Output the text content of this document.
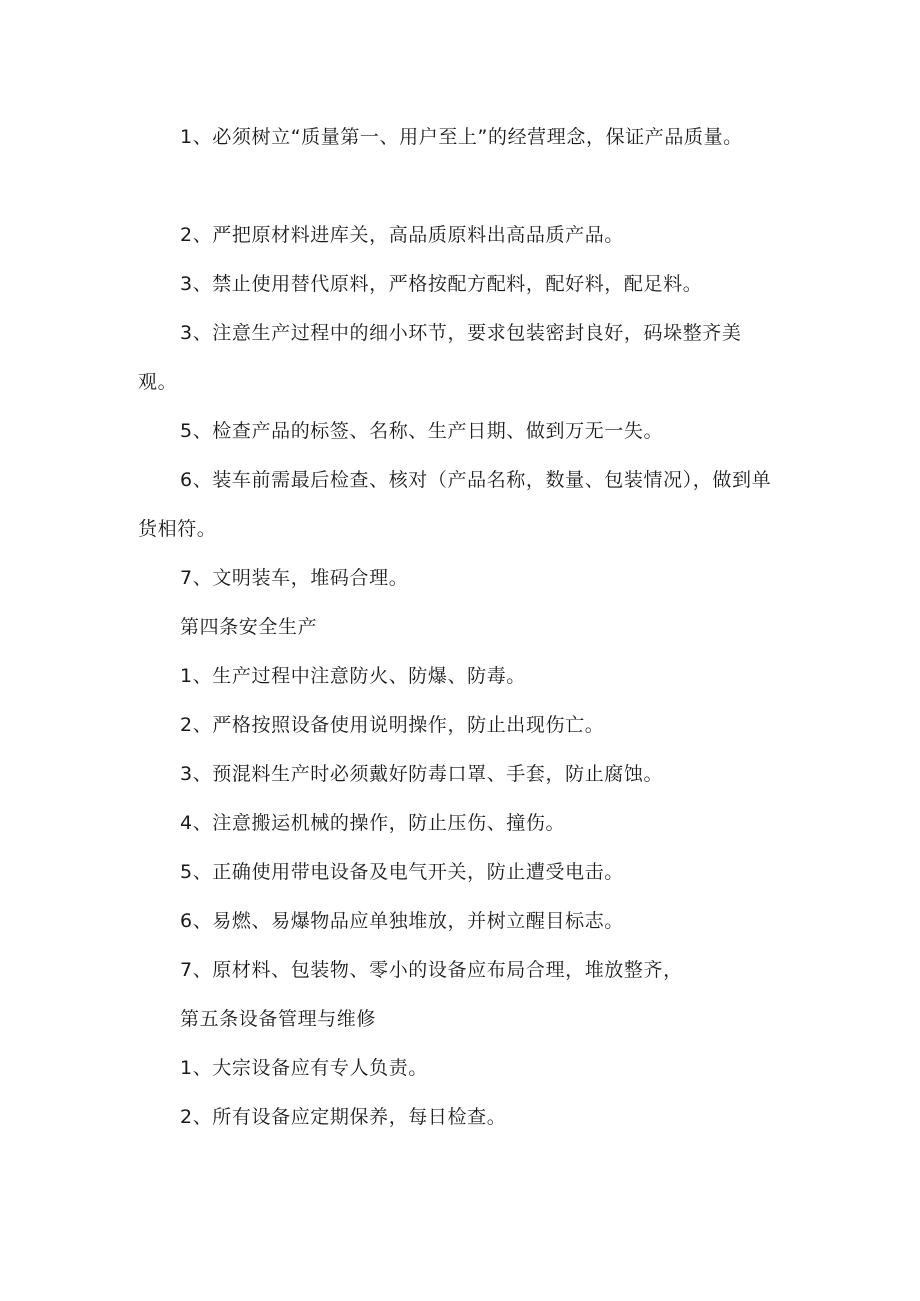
1、必须树立“质量第一、用户至上”的经营理念，保证产品质量。

2、严把原材料进库关，高品质原料出高品质产品。

3、禁止使用替代原料，严格按配方配料，配好料，配足料。

3、注意生产过程中的细小环节，要求包装密封良好，码垛整齐美观。

5、检查产品的标签、名称、生产日期、做到万无一失。

6、装车前需最后检查、核对（产品名称，数量、包装情况），做到单货相符。

7、文明装车，堆码合理。

第四条安全生产

1、生产过程中注意防火、防爆、防毒。

2、严格按照设备使用说明操作，防止出现伤亡。

3、预混料生产时必须戴好防毒口罩、手套，防止腐蚀。

4、注意搬运机械的操作，防止压伤、撞伤。

5、正确使用带电设备及电气开关，防止遭受电击。

6、易燃、易爆物品应单独堆放，并树立醒目标志。

7、原材料、包装物、零小的设备应布局合理，堆放整齐，

第五条设备管理与维修

1、大宗设备应有专人负责。

2、所有设备应定期保养，每日检查。
